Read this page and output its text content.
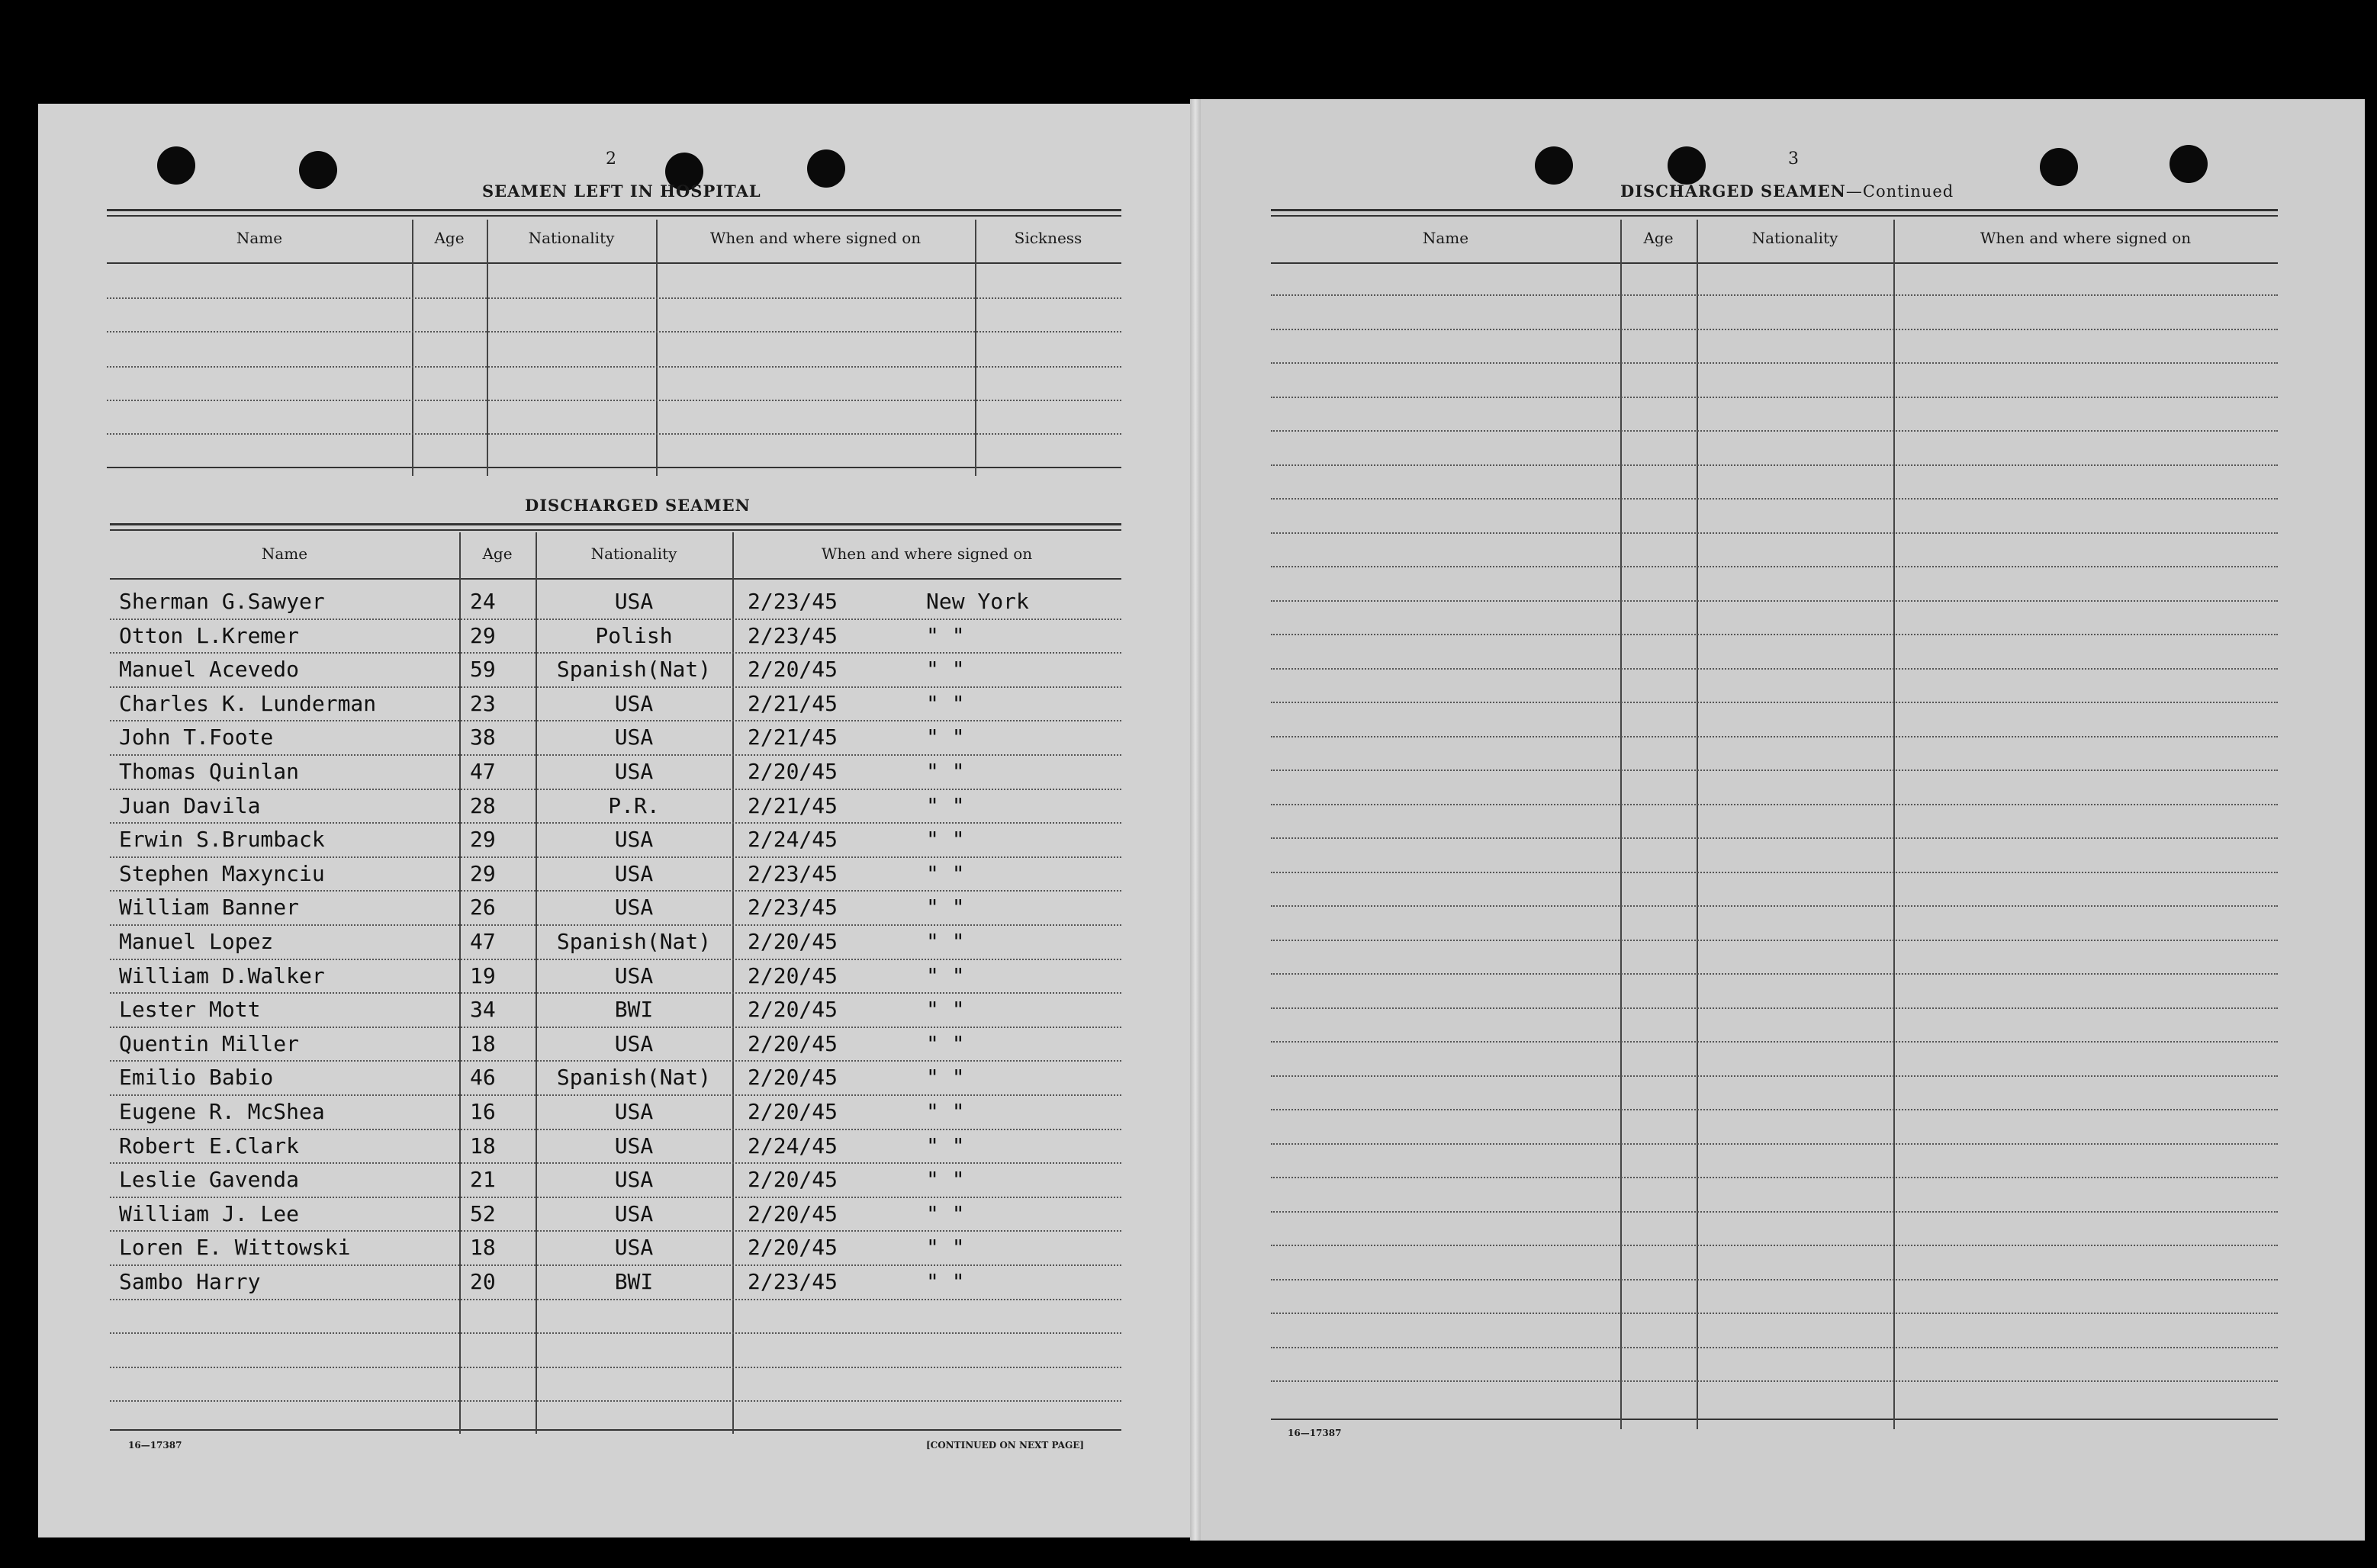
2
SEAMEN LEFT IN HOSPITAL
Name	Age	Nationality	When and where signed on	Sickness
DISCHARGED SEAMEN
Name	Age	Nationality	When and where signed on
Sherman G.Sawyer	24	USA	2/23/45	New York
Otton L.Kremer	29	Polish	2/23/45	" "
Manuel Acevedo	59	Spanish(Nat)	2/20/45	" "
Charles K. Lunderman	23	USA	2/21/45	" "
John T.Foote	38	USA	2/21/45	" "
Thomas Quinlan	47	USA	2/20/45	" "
Juan Davila	28	P.R.	2/21/45	" "
Erwin S.Brumback	29	USA	2/24/45	" "
Stephen Maxynciu	29	USA	2/23/45	" "
William Banner	26	USA	2/23/45	" "
Manuel Lopez	47	Spanish(Nat)	2/20/45	" "
William D.Walker	19	USA	2/20/45	" "
Lester Mott	34	BWI	2/20/45	" "
Quentin Miller	18	USA	2/20/45	" "
Emilio Babio	46	Spanish(Nat)	2/20/45	" "
Eugene R. McShea	16	USA	2/20/45	" "
Robert E.Clark	18	USA	2/24/45	" "
Leslie Gavenda	21	USA	2/20/45	" "
William J. Lee	52	USA	2/20/45	" "
Loren E. Wittowski	18	USA	2/20/45	" "
Sambo Harry	20	BWI	2/23/45	" "
16—17387	[CONTINUED ON NEXT PAGE]
3
DISCHARGED SEAMEN—Continued
Name	Age	Nationality	When and where signed on
16—17387
